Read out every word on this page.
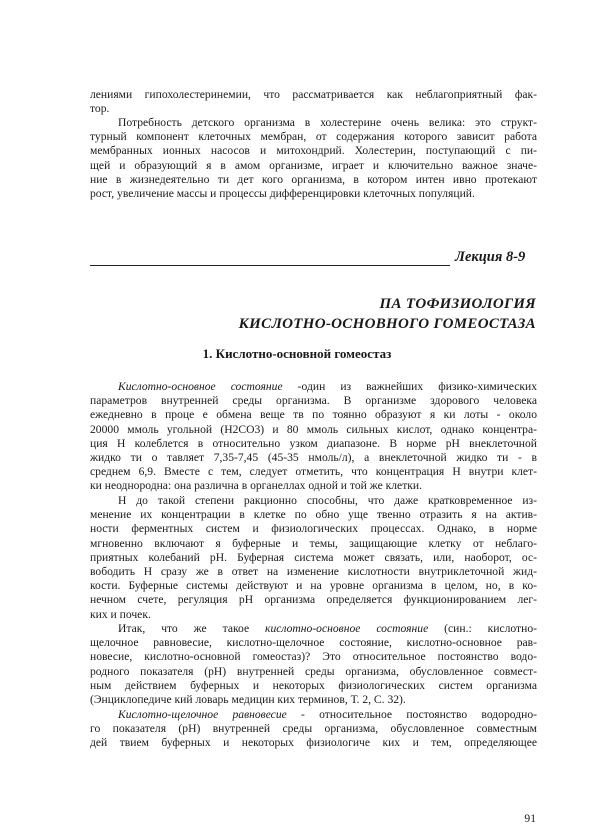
лениями гипохолестеринемии, что рассматривается как неблагоприятный фак-
тор.
Потребность детского организма в холестерине очень велика: это структ-
турный компонент клеточных мембран, от содержания которого зависит работа
мембранных ионных насосов и митохондрий. Холестерин, поступающий с пи-
щей и образующий я в амом организме, играет и ключительно важное значе-
ние в жизнедеятельно ти дет кого организма, в котором интен ивно протекают
рост, увеличение массы и процессы дифференцировки клеточных популяций.
Лекция 8-9

ПА ТОФИЗИОЛОГИЯ

КИСЛОТНО-ОСНОВНОГО ГОМЕОСТАЗА

1. Кислотно-основной гомеостаз

Кислотно-основное состояние -один из важнейших физико-химических
параметров внутренней среды организма. В организме здорового человека
ежедневно в проце е обмена веще тв по тоянно образуют я ки лоты - около
20000 ммоль угольной (Н2СО3) и 80 ммоль сильных кислот, однако концентра-
ция Н колеблется в относительно узком диапазоне. В норме рН внеклеточной
жидко ти о тавляет 7,35-7,45 (45-35 нмоль/л), а внеклеточной жидко ти - в
среднем 6,9. Вместе с тем, следует отметить, что концентрация Н внутри клет-
ки неоднородна: она различна в органеллах одной и той же клетки.
Н до такой степени ракционно способны, что даже кратковременное из-
менение их концентрации в клетке по обно уще твенно отразить я на актив-
ности ферментных систем и физиологических процессах. Однако, в норме
мгновенно включают я буферные и темы, защищающие клетку от неблаго-
приятных колебаний рН. Буферная система может связать, или, наоборот, ос-
вободить Н сразу же в ответ на изменение кислотности внутриклеточной жид-
кости. Буферные системы действуют и на уровне организма в целом, но, в ко-
нечном счете, регуляция рН организма определяется функционированием лег-
ких и почек.
Итак, что же такое кислотно-основное состояние (син.: кислотно-
щелочное равновесие, кислотно-щелочное состояние, кислотно-основное рав-
новесие, кислотно-основной гомеостаз)? Это относительное постоянство водо-
родного показателя (рН) внутренней среды организма, обусловленное совмест-
ным действием буферных и некоторых физиологических систем организма
(Энциклопедиче кий ловарь медицин ких терминов, Т. 2, С. 32).
Кислотно-щелочное равновесие - относительное постоянство водородно-
го показателя (рН) внутренней среды организма, обусловленное совместным
дей твием буферных и некоторых физиологиче ких и тем, определяющее
91
